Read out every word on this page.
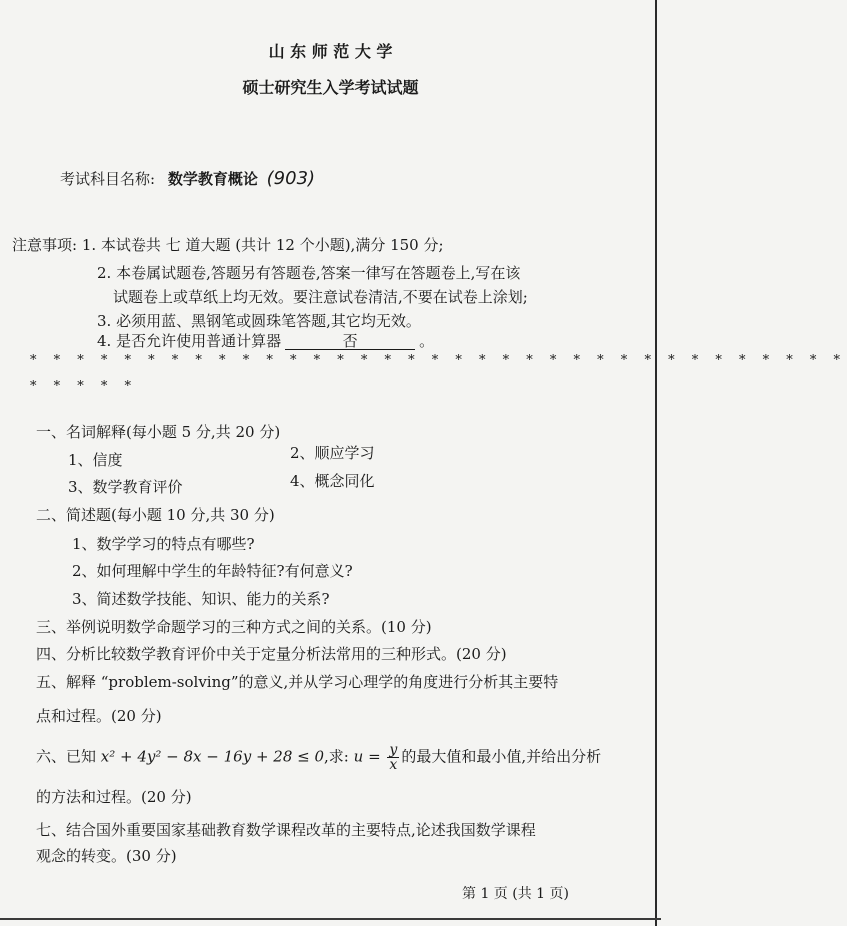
山 东 师 范 大 学
硕士研究生入学考试试题
考试科目名称: 数学教育概论 (903)
注意事项: 1. 本试卷共 七 道大题 (共计 12 个小题),满分 150 分;
2. 本卷属试题卷,答题另有答题卷,答案一律写在答题卷上,写在该
试题卷上或草纸上均无效。要注意试卷清洁,不要在试卷上涂划;
3. 必须用蓝、黑钢笔或圆珠笔答题,其它均无效。
4. 是否允许使用普通计算器	否	。
* * * * * * * * * * * * * * * * * * * * * * * * * * * * * * * * * * *
* * * * *
一、名词解释(每小题 5 分,共 20 分)
1、信度	2、顺应学习
3、数学教育评价	4、概念同化
二、简述题(每小题 10 分,共 30 分)
1、数学学习的特点有哪些?
2、如何理解中学生的年龄特征?有何意义?
3、简述数学技能、知识、能力的关系?
三、举例说明数学命题学习的三种方式之间的关系。(10 分)
四、分析比较数学教育评价中关于定量分析法常用的三种形式。(20 分)
五、解释 “problem-solving”的意义,并从学习心理学的角度进行分析其主要特
点和过程。(20 分)
六、已知 x² + 4y² − 8x − 16y + 28 ≤ 0,求: $u = \frac{y}{x}$ 的最大值和最小值,并给出分析
的方法和过程。(20 分)
七、结合国外重要国家基础教育数学课程改革的主要特点,论述我国数学课程
观念的转变。(30 分)
第 1 页 (共 1 页)
